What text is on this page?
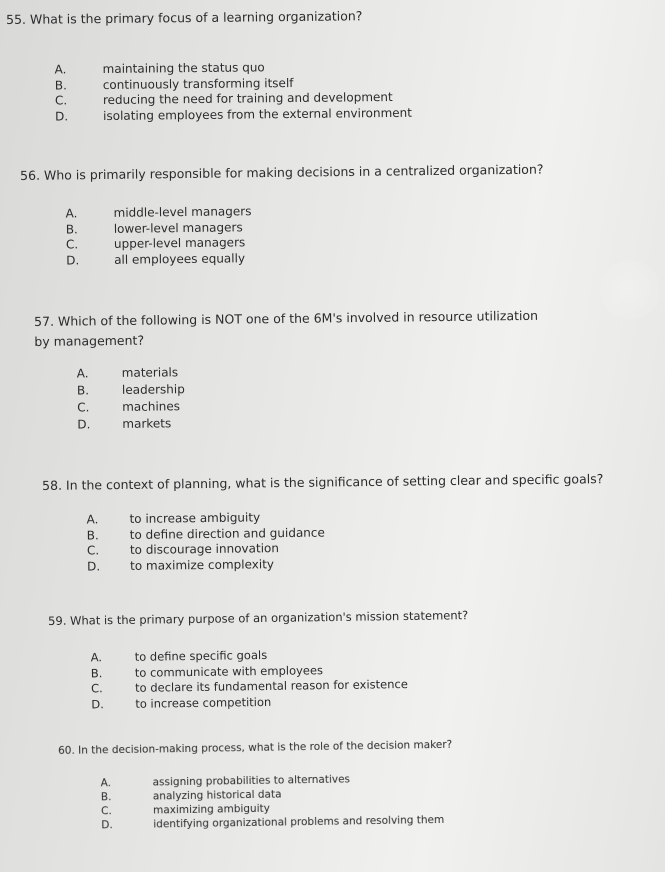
55. What is the primary focus of a learning organization?
A.	maintaining the status quo
B.	continuously transforming itself
C.	reducing the need for training and development
D.	isolating employees from the external environment
56. Who is primarily responsible for making decisions in a centralized organization?
A.	middle-level managers
B.	lower-level managers
C.	upper-level managers
D.	all employees equally
57. Which of the following is NOT one of the 6M's involved in resource utilization by management?
A.	materials
B.	leadership
C.	machines
D.	markets
58. In the context of planning, what is the significance of setting clear and specific goals?
A.	to increase ambiguity
B.	to define direction and guidance
C.	to discourage innovation
D.	to maximize complexity
59. What is the primary purpose of an organization's mission statement?
A.	to define specific goals
B.	to communicate with employees
C.	to declare its fundamental reason for existence
D.	to increase competition
60. In the decision-making process, what is the role of the decision maker?
A.	assigning probabilities to alternatives
B.	analyzing historical data
C.	maximizing ambiguity
D.	identifying organizational problems and resolving them
